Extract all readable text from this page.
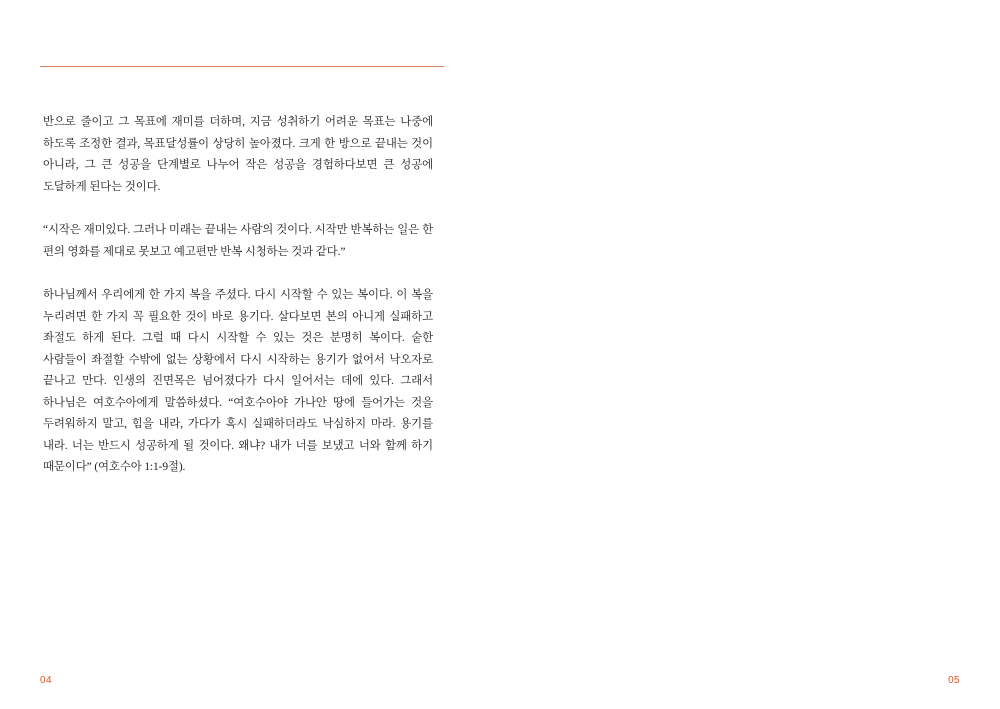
반으로 줄이고 그 목표에 재미를 더하며, 지금 성취하기 어려운 목표는 나중에 하도록 조정한 결과, 목표달성률이 상당히 높아졌다. 크게 한 방으로 끝내는 것이 아니라, 그 큰 성공을 단계별로 나누어 작은 성공을 경험하다보면 큰 성공에 도달하게 된다는 것이다.

“시작은 재미있다. 그러나 미래는 끝내는 사람의 것이다. 시작만 반복하는 일은 한 편의 영화를 제대로 못보고 예고편만 반복 시청하는 것과 같다.”

하나님께서 우리에게 한 가지 복을 주셨다. 다시 시작할 수 있는 복이다. 이 복을 누리려면 한 가지 꼭 필요한 것이 바로 용기다. 살다보면 본의 아니게 실패하고 좌절도 하게 된다. 그럴 때 다시 시작할 수 있는 것은 분명히 복이다. 숱한 사람들이 좌절할 수밖에 없는 상황에서 다시 시작하는 용기가 없어서 낙오자로 끝나고 만다. 인생의 진면목은 넘어졌다가 다시 일어서는 데에 있다. 그래서 하나님은 여호수아에게 말씀하셨다. “여호수아야 가나안 땅에 들어가는 것을 두려워하지 말고, 힘을 내라, 가다가 혹시 실패하더라도 낙심하지 마라. 용기를 내라. 너는 반드시 성공하게 될 것이다. 왜냐? 내가 너를 보냈고 너와 함께 하기 때문이다” (여호수아 1:1-9절).

04	05
